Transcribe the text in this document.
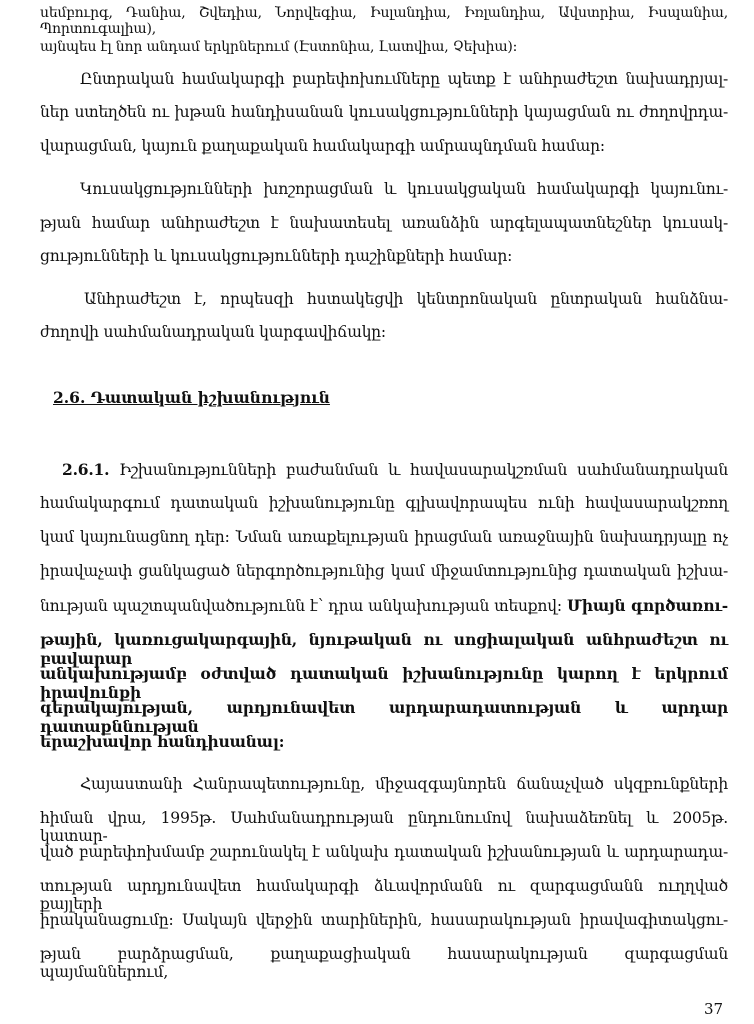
սեմբուրգ, Դանիա, Շվեդիա, Նորվեգիա, Իսլանդիա, Իռլանդիա, Ավստրիա, Իսպանիա, Պորտուգալիա),
այնպես էլ նոր անդամ երկրներում (Էստոնիա, Լատվիա, Չեխիա):
Ընտրական համակարգի բարեփոխումները պետք է անհրաժեշտ նախադրյալ-
ներ ստեղծեն ու խթան հանդիսանան կուսակցությունների կայացման ու ժողովրդա-
վարացման, կայուն քաղաքական համակարգի ամրապնդման համար:
Կուսակցությունների խոշորացման և կուսակցական համակարգի կայունու-
թյան համար անհրաժեշտ է նախատեսել առանձին արգելապատնեշներ կուսակ-
ցությունների և կուսակցությունների դաշինքների համար:
Անհրաժեշտ է, որպեսզի հստակեցվի կենտրոնական ընտրական հանձնա-
ժողովի սահմանադրական կարգավիճակը:
2.6. Դատական իշխանություն
2.6.1. Իշխանությունների բաժանման և հավասարակշռման սահմանադրական
համակարգում դատական իշխանությունը գլխավորապես ունի հավասարակշռող
կամ կայունացնող դեր: Նման առաքելության իրացման առաջնային նախադրյալը ոչ
իրավաչափ ցանկացած ներգործությունից կամ միջամտությունից դատական իշխա-
նության պաշտպանվածությունն է՝ դրա անկախության տեսքով: Միայն գործառու-
թային, կառուցակարգային, նյութական ու սոցիալական անհրաժեշտ ու բավարար
անկախությամբ օժտված դատական իշխանությունը կարող է երկրում իրավունքի
գերակայության, արդյունավետ արդարադատության և արդար դատաքննության
երաշխավոր հանդիսանալ:
Հայաստանի Հանրապետությունը, միջազգայնորեն ճանաչված սկզբունքների
հիման վրա, 1995թ. Սահմանադրության ընդունումով նախաձեռնել և 2005թ. կատար-
ված բարեփոխմամբ շարունակել է անկախ դատական իշխանության և արդարադա-
տության արդյունավետ համակարգի ձևավորմանն ու զարգացմանն ուղղված քայլերի
իրականացումը: Սակայն վերջին տարիներին, հասարակության իրավագիտակցու-
թյան բարձրացման, քաղաքացիական հասարակության զարգացման պայմաններում,
37
